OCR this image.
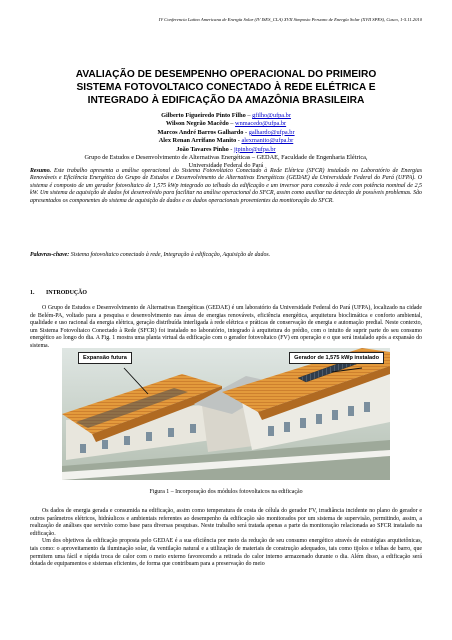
IV Conferencia Latino Americana de Energía Solar (IV ISES_CLA) XVII Simposio Peruano de Energía Solar (XVII SPES), Cusco, 1-5.11.2010
AVALIAÇÃO DE DESEMPENHO OPERACIONAL DO PRIMEIRO
SISTEMA FOTOVOLTAICO CONECTADO À REDE ELÉTRICA E
INTEGRADO À EDIFICAÇÃO DA AMAZÔNIA BRASILEIRA
Gilberto Figueiredo Pinto Filho – gfilho@ufpa.br
Wilson Negrão Macêdo – wnmacedo@ufpa.br
Marcos André Barros Galhardo - galhardo@ufpa.br
Alex Renan Arrifano Manito - alexmanito@ufpa.br
João Tavares Pinho - jtpinho@ufpa.br
Grupo de Estudos e Desenvolvimento de Alternativas Energéticas – GEDAE, Faculdade de Engenharia Elétrica,
Universidade Federal do Pará
Resumo. Este trabalho apresenta a análise operacional do Sistema Fotovoltaico Conectado à Rede Elétrica (SFCR) instalado no Laboratório de Energias Renováveis e Eficiência Energética do Grupo de Estudos e Desenvolvimento de Alternativas Energéticas (GEDAE) da Universidade Federal do Pará (UFPA). O sistema é composto de um gerador fotovoltaico de 1,575 kWp integrado ao telhado da edificação e um inversor para conexão à rede com potência nominal de 2,5 kW. Um sistema de aquisição de dados foi desenvolvido para facilitar na análise operacional do SFCR, assim como auxiliar na detecção de possíveis problemas. São apresentados os componentes do sistema de aquisição de dados e os dados operacionais provenientes da monitoração do SFCR.
Palavras-chave: Sistema fotovoltaico conectado à rede, Integração à edificação, Aquisição de dados.
1. INTRODUÇÃO
O Grupo de Estudos e Desenvolvimento de Alternativas Energéticas (GEDAE) é um laboratório da Universidade Federal do Pará (UFPA), localizado na cidade de Belém-PA, voltado para a pesquisa e desenvolvimento nas áreas de energias renováveis, eficiência energética, arquitetura bioclimática e conforto ambiental, qualidade e uso racional da energia elétrica, geração distribuída interligada à rede elétrica e práticas de conservação de energia e automação predial. Neste contexto, um Sistema Fotovoltaico Conectado à Rede (SFCR) foi instalado no laboratório, integrado à arquitetura do prédio, com o intuito de suprir parte do seu consumo energético ao longo do dia. A Fig. 1 mostra uma planta virtual da edificação com o gerador fotovoltaico (FV) em operação e o que será instalado após a expansão do sistema.
Expansão futura	Gerador de 1,575 kWp instalado
Figura 1 – Incorporação dos módulos fotovoltaicos na edificação
Os dados de energia gerada e consumida na edificação, assim como temperatura de costa de célula do gerador FV, irradiância incidente no plano do gerador e outros parâmetros elétricos, hidráulicos e ambientais referentes ao desempenho da edificação são monitorados por um sistema de supervisão, permitindo, assim, a realização de análises que servirão como base para diversas pesquisas. Neste trabalho será tratada apenas a parte da monitoração relacionada ao SFCR instalado na edificação.
Um dos objetivos da edificação proposta pelo GEDAE é a sua eficiência por meio da redução de seu consumo energético através de estratégias arquitetônicas, tais como: o aproveitamento da iluminação solar, da ventilação natural e a utilização de materiais de construção adequados, tais como tijolos e telhas de barro, que permitem uma fácil e rápida troca de calor com o meio externo favorecendo a retirada do calor interno armazenado durante o dia. Além disso, a edificação será dotada de equipamentos e sistemas eficientes, de forma que contribuam para a preservação do meio
